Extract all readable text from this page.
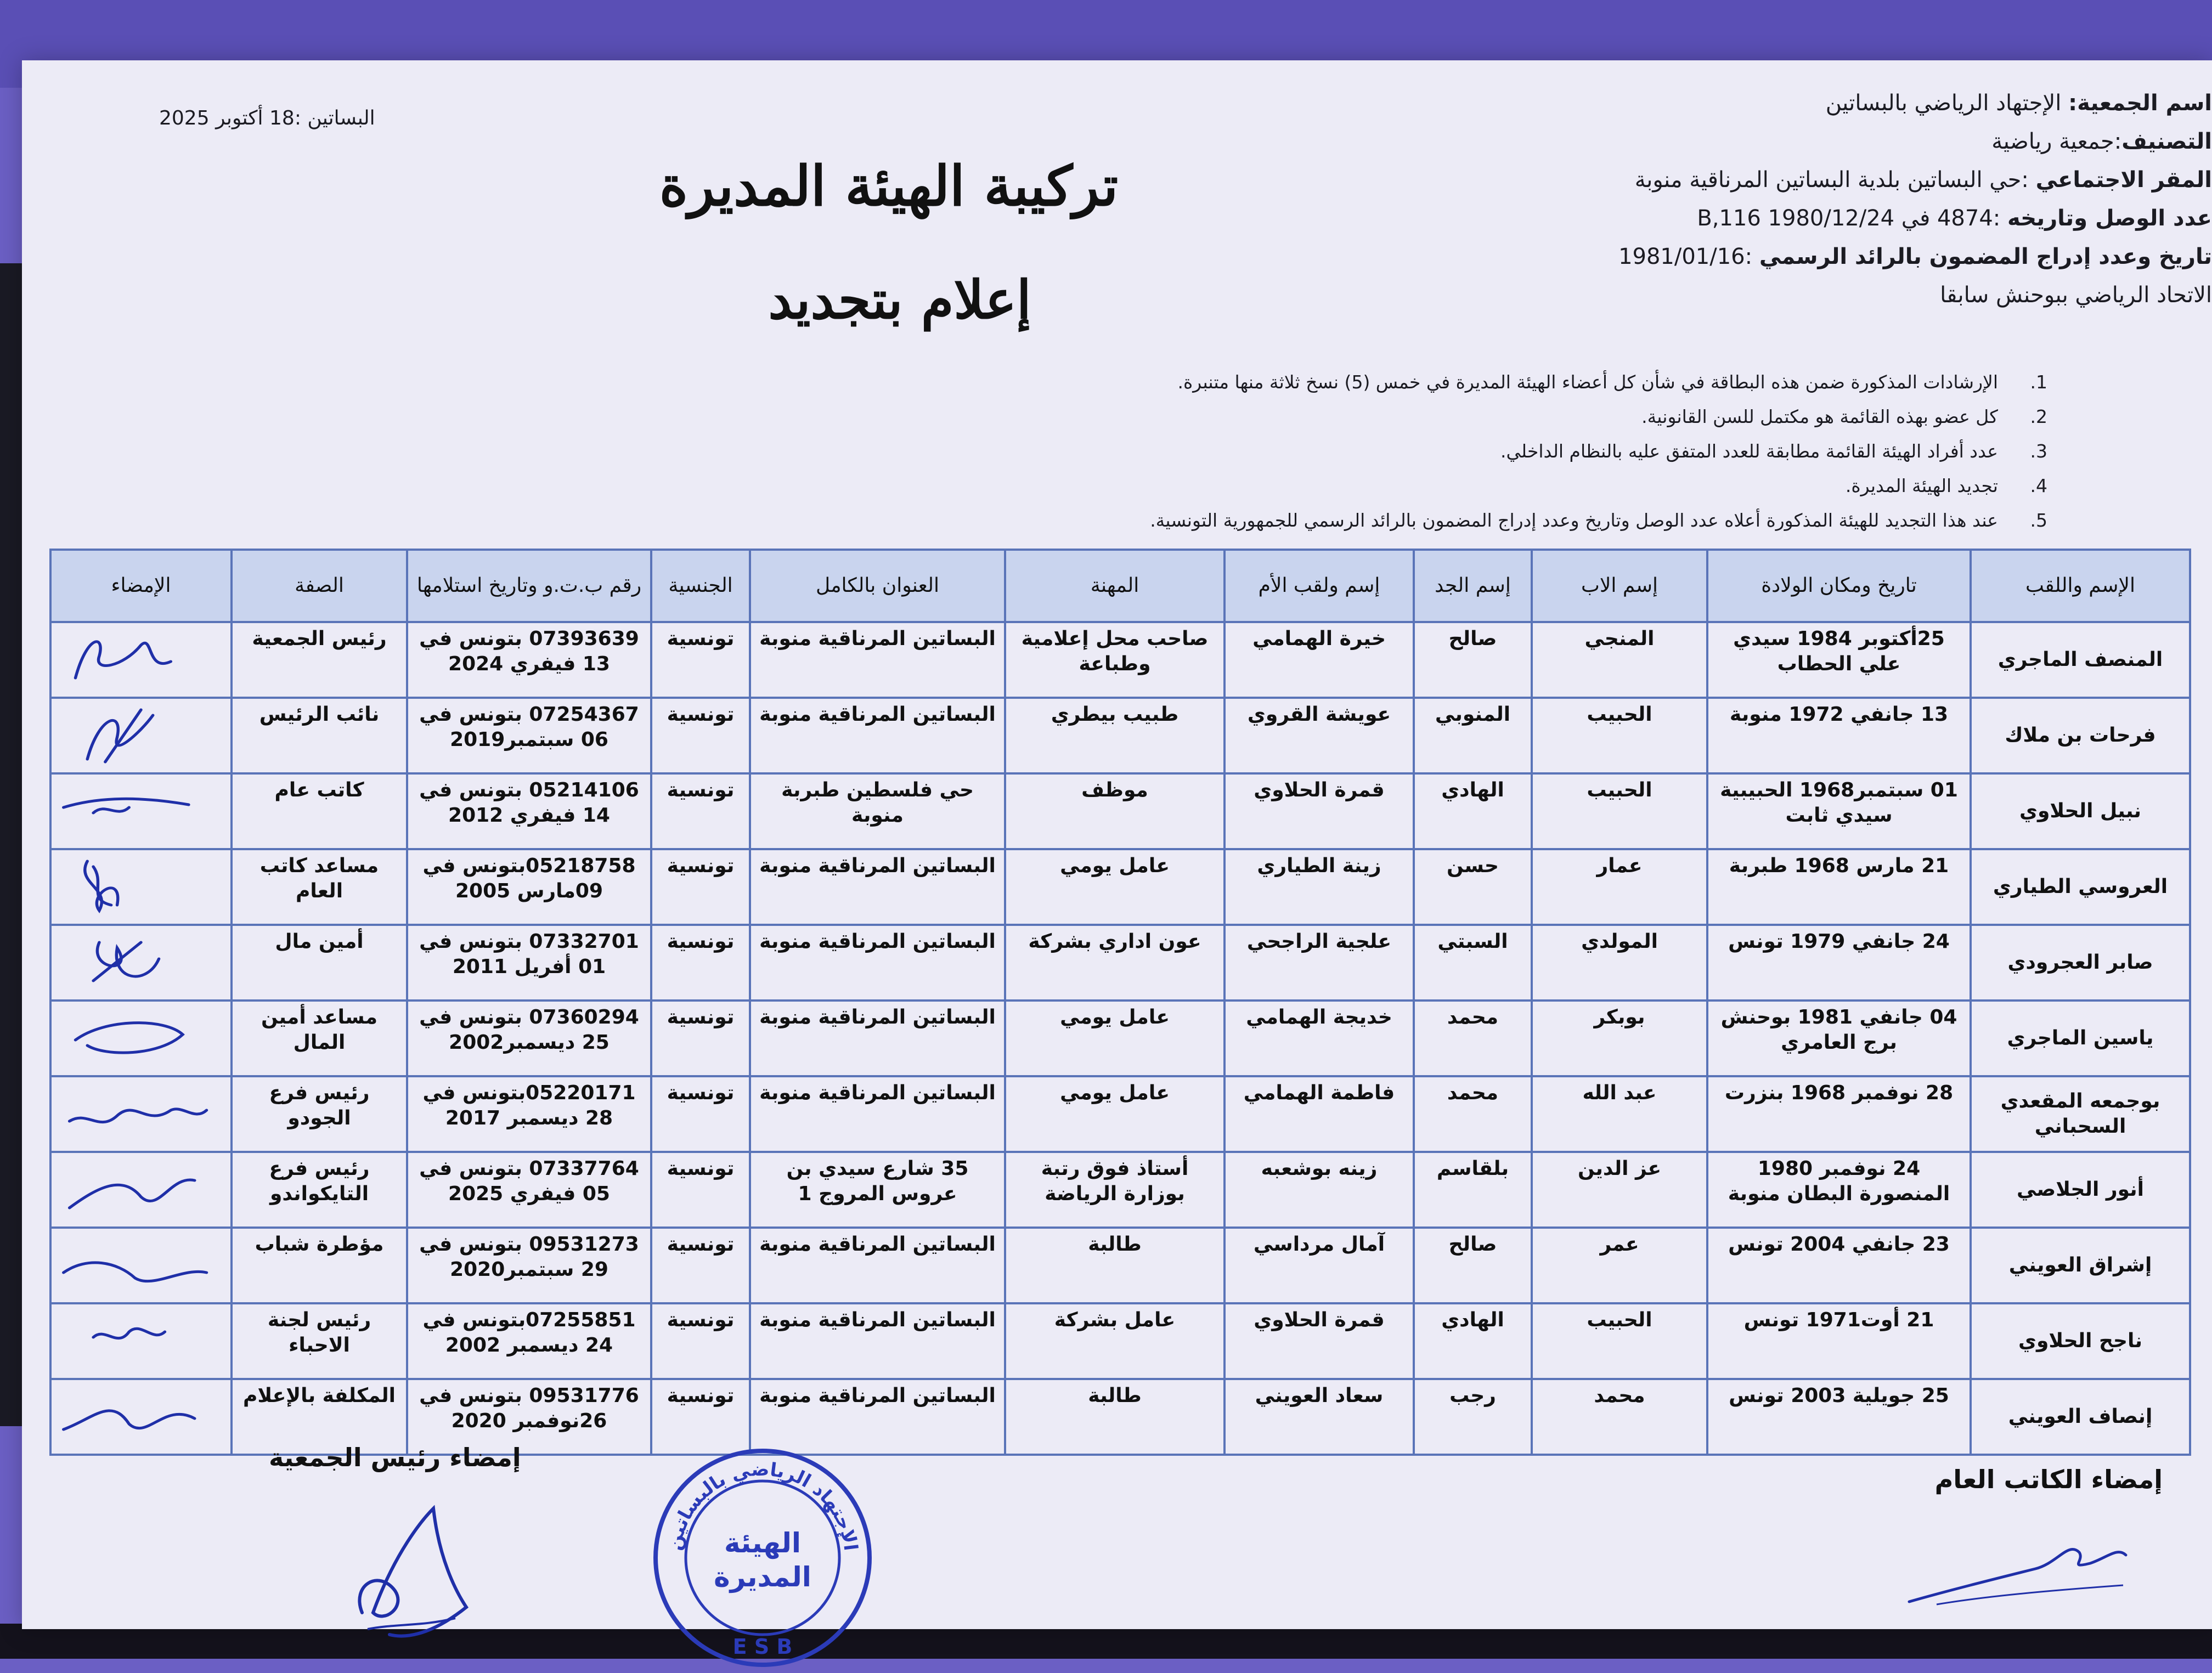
اسم الجمعية: الإجتهاد الرياضي بالبساتين
التصنيف:جمعية رياضية
المقر الاجتماعي :حي البساتين بلدية البساتين المرناقية منوبة
عدد الوصل وتاريخه :4874 في 1980/12/24 B,116
تاريخ وعدد إدراج المضمون بالرائد الرسمي :1981/01/16
الاتحاد الرياضي ببوحنش سابقا
البساتين :18 أكتوبر 2025
تركيبة الهيئة المديرة
إعلام بتجديد
1.الإرشادات المذكورة ضمن هذه البطاقة في شأن كل أعضاء الهيئة المديرة في خمس (5) نسخ ثلاثة منها متنبرة.
2.كل عضو بهذه القائمة هو مكتمل للسن القانونية.
3.عدد أفراد الهيئة القائمة مطابقة للعدد المتفق عليه بالنظام الداخلي.
4.تجديد الهيئة المديرة.
5.عند هذا التجديد للهيئة المذكورة أعلاه عدد الوصل وتاريخ وعدد إدراج المضمون بالرائد الرسمي للجمهورية التونسية.
الإسم واللقب	تاريخ ومكان الولادة	إسم الاب	إسم الجد	إسم ولقب الأم	المهنة	العنوان بالكامل	الجنسية	رقم ب.ت.و وتاريخ استلامها	الصفة	الإمضاء
المنصف الماجري	25أكتوبر 1984 سيدي علي الحطاب	المنجي	صالح	خيرة الهمامي	صاحب محل إعلامية وطباعة	البساتين المرناقية منوبة	تونسية	07393639 بتونس في 13 فيفري 2024	رئيس الجمعية	

فرحات بن ملاك	13 جانفي 1972 منوبة	الحبيب	المنوبي	عويشة القروي	طبيب بيطري	البساتين المرناقية منوبة	تونسية	07254367 بتونس في 06 سبتمبر2019	نائب الرئيس	

نبيل الحلاوي	01 سبتمبر1968 الحبيبية سيدي ثابت	الحبيب	الهادي	قمرة الحلاوي	موظف	حي فلسطين طبربة منوبة	تونسية	05214106 بتونس في 14 فيفري 2012	كاتب عام	

العروسي الطياري	21 مارس 1968 طبربة	عمار	حسن	زينة الطياري	عامل يومي	البساتين المرناقية منوبة	تونسية	05218758بتونس في 09مارس 2005	مساعد كاتب العام	

صابر العجرودي	24 جانفي 1979 تونس	المولدي	السبتي	علجية الراجحي	عون اداري بشركة	البساتين المرناقية منوبة	تونسية	07332701 بتونس في 01 أفريل 2011	أمين مال	

ياسين الماجري	04 جانفي 1981 بوحنش برج العامري	بوبكر	محمد	خديجة الهمامي	عامل يومي	البساتين المرناقية منوبة	تونسية	07360294 بتونس في 25 ديسمبر2002	مساعد أمين المال	

بوجمعه المقعدي السحباني	28 نوفمبر 1968 بنزرت	عبد الله	محمد	فاطمة الهمامي	عامل يومي	البساتين المرناقية منوبة	تونسية	05220171بتونس في 28 ديسمبر 2017	رئيس فرع الجودو	

أنور الجلاصي	24 نوفمبر 1980 المنصورة البطان منوبة	عز الدين	بلقاسم	زينه بوشعبه	أستاذ فوق رتبة بوزارة الرياضة	35 شارع سيدي بن عروس المروج 1	تونسية	07337764 بتونس في 05 فيفري 2025	رئيس فرع التايكواندو	

إشراق العويني	23 جانفي 2004 تونس	عمر	صالح	آمال مرداسي	طالبة	البساتين المرناقية منوبة	تونسية	09531273 بتونس في 29 سبتمبر2020	مؤطرة شباب	

ناجح الحلاوي	21 أوت1971 تونس	الحبيب	الهادي	قمرة الحلاوي	عامل بشركة	البساتين المرناقية منوبة	تونسية	07255851بتونس في 24 ديسمبر 2002	رئيس لجنة الاحباء	

إنصاف العويني	25 جويلية 2003 تونس	محمد	رجب	سعاد العويني	طالبة	البساتين المرناقية منوبة	تونسية	09531776 بتونس في 26نوفمبر 2020	المكلفة بالإعلام	
إمضاء رئيس الجمعية
إمضاء الكاتب العام
الإجتهاد الرياضي بالبساتين
الهيئة
المديرة
E S B
